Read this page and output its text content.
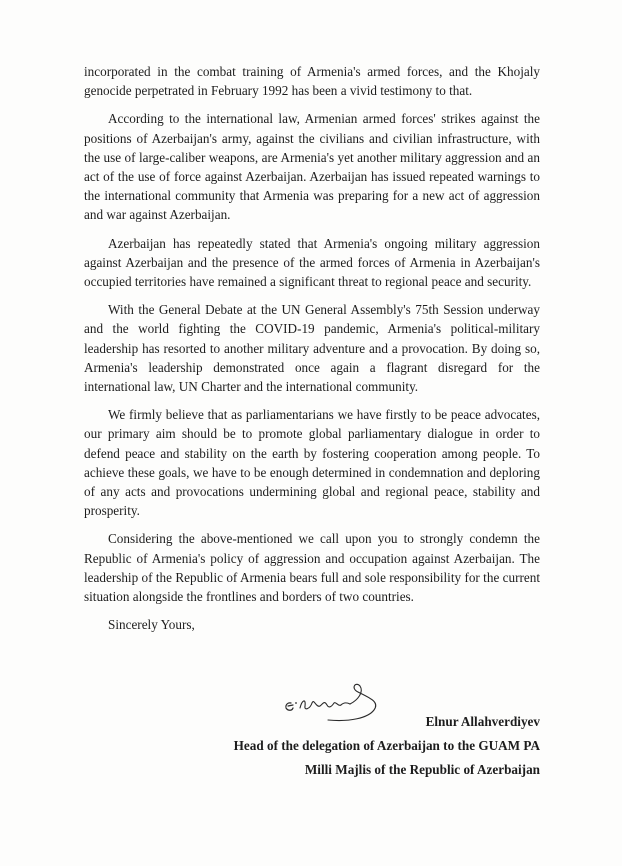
incorporated in the combat training of Armenia's armed forces, and the Khojaly genocide perpetrated in February 1992 has been a vivid testimony to that.

According to the international law, Armenian armed forces' strikes against the positions of Azerbaijan's army, against the civilians and civilian infrastructure, with the use of large-caliber weapons, are Armenia's yet another military aggression and an act of the use of force against Azerbaijan. Azerbaijan has issued repeated warnings to the international community that Armenia was preparing for a new act of aggression and war against Azerbaijan.

Azerbaijan has repeatedly stated that Armenia's ongoing military aggression against Azerbaijan and the presence of the armed forces of Armenia in Azerbaijan's occupied territories have remained a significant threat to regional peace and security.

With the General Debate at the UN General Assembly's 75th Session underway and the world fighting the COVID-19 pandemic, Armenia's political-military leadership has resorted to another military adventure and a provocation. By doing so, Armenia's leadership demonstrated once again a flagrant disregard for the international law, UN Charter and the international community.

We firmly believe that as parliamentarians we have firstly to be peace advocates, our primary aim should be to promote global parliamentary dialogue in order to defend peace and stability on the earth by fostering cooperation among people. To achieve these goals, we have to be enough determined in condemnation and deploring of any acts and provocations undermining global and regional peace, stability and prosperity.

Considering the above-mentioned we call upon you to strongly condemn the Republic of Armenia's policy of aggression and occupation against Azerbaijan. The leadership of the Republic of Armenia bears full and sole responsibility for the current situation alongside the frontlines and borders of two countries.

Sincerely Yours,

Elnur Allahverdiyev
Head of the delegation of Azerbaijan to the GUAM PA
Milli Majlis of the Republic of Azerbaijan
